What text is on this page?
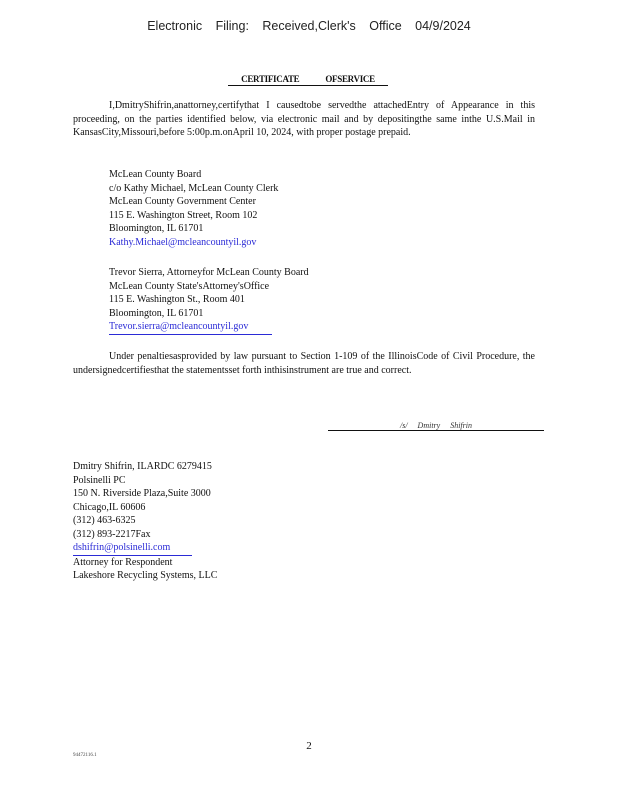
Electronic Filing: Received,Clerk's Office 04/9/2024
CERTIFICATE OFSERVICE
I,DmitryShifrin,anattorney,certifythat I causedtobe servedthe attachedEntry of Appearance in this proceeding, on the parties identified below, via electronic mail and by depositingthe same inthe U.S.Mail in KansasCity,Missouri,before 5:00p.m.onApril 10, 2024, with proper postage prepaid.
McLean County Board
c/o Kathy Michael, McLean County Clerk
McLean County Government Center
115 E. Washington Street, Room 102
Bloomington, IL 61701
Kathy.Michael@mcleancountyil.gov
Trevor Sierra, Attorneyfor McLean County Board
McLean County State'sAttorney'sOffice
115 E. Washington St., Room 401
Bloomington, IL 61701
Trevor.sierra@mcleancountyil.gov
Under penaltiesasprovided by law pursuant to Section 1-109 of the IllinoisCode of Civil Procedure, the undersignedcertifiesthat the statementsset forth inthisinstrument are true and correct.
/s/ Dmitry Shifrin
Dmitry Shifrin, ILARDC 6279415
Polsinelli PC
150 N. Riverside Plaza,Suite 3000
Chicago,IL 60606
(312) 463-6325
(312) 893-2217Fax
dshifrin@polsinelli.com
Attorney for Respondent
Lakeshore Recycling Systems, LLC
2
94472116.1
